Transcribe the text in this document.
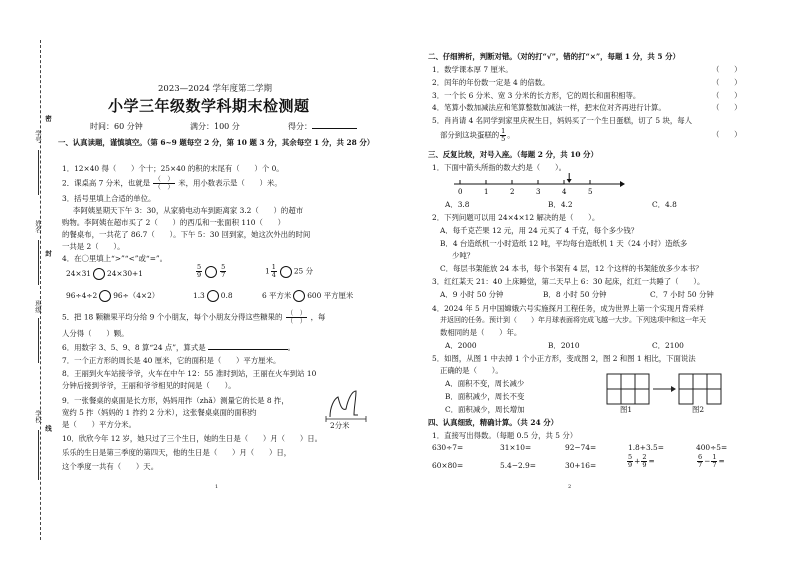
学号
姓名
班级
学校
密
封
线
2023—2024 学年度第二学期
小学三年级数学科期末检测题
时间：60 分钟	满分：100 分	得分：
一、认真读题，谨慎填空。（第 6~9 题每空 2 分，第 10 题 3 分，其余每空 1 分，共 28 分）
1．12×40 得（　　）个十；25×40 的积的末尾有（　　）个 0。
2．课桌高 7 分米，也就是 $\frac{( )}{( )}$ 米，用小数表示是（　　）米。
3．括号里填上合适的单位。
李阿姨星期天下午 3：30，从家骑电动车到距离家 3.2（　　）的超市
购物。李阿姨在超市买了 2（　　）的西瓜和一张面积 110（　　）
的餐桌布，一共花了 86.7（　　）。下午 5：30 回到家，她这次外出的时间
一共是 2（　　）。
4．在〇里填上“>”“<”或“=”。
24×31 24×30+1	$\frac{5}{9}$	$\frac{5}{7}$	$1 \frac{1}{4} 25$ 分
96÷4÷2 96÷（4×2）	1.3 0.8	6 平方米 600 平方厘米
5．把 18 颗糖果平均分给 9 个小朋友，每个小朋友分得这些糖果的 $\frac{( )}{( )}$ ，每
人分得（　　）颗。
6．用数字 3、5、9、8 算“24 点”，算式是	。
7．一个正方形的周长是 40 厘米，它的面积是（　　）平方厘米。
8．王丽到火车站接爷爷，火车在中午 12：55 准时到站，王丽在火车到站 10
分钟后接到爷爷，王丽和爷爷相见的时间是（　　）。
9．一张餐桌的桌面是长方形，妈妈用拃（zhǎ）测量它的长是 8 拃，
宽约 5 拃（妈妈的 1 拃约 2 分米），这张餐桌桌面的面积约
是（　　）平方分米。	2分米
10．欣欣今年 12 岁，她只过了三个生日，她的生日是（　　）月（　　）日。
乐乐的生日是第三季度的第四天，他的生日是（　　）月（　　）日，
这个季度一共有（　　）天。
1
二、仔细辨析，判断对错。（对的打“√”，错的打“×”，每题 1 分，共 5 分）
1．数学课本厚 7 厘米。	（　　）
2．闰年的年份数一定是 4 的倍数。	（　　）
3．一个长 6 分米、宽 3 分米的长方形，它的周长和面积相等。	（　　）
4．笔算小数加减法应和笔算整数加减法一样，把末位对齐再进行计算。	（　　）
5．肖肖请 4 名同学到家里庆祝生日，妈妈买了一个生日蛋糕，切了 5 块，每人
部分到这块蛋糕的 $\frac{1}{5}$ 。	（　　）
三、反复比较，对号入座。（每题 2 分，共 10 分）
1．下面中箭头所指的数大约是（　　）。
0	1	2	3	4	5
A．3.8	B．4.2	C．4.8
2．下列问题可以用 24×4×12 解决的是（　　）。
A．每千克芒果 12 元，用 24 元买了 4 千克，每个多少钱？
B．4 台造纸机一小时造纸 12 吨，平均每台造纸机 1 天（24 小时）造纸多
少吨？
C．每层书架能放 24 本书，每个书架有 4 层，12 个这样的书架能放多少本书？
3．红红某天 21：40 上床睡觉，第二天早上 6：30 起床，红红一共睡了（　　）。
A．9 小时 50 分钟	B．8 小时 50 分钟	C．7 小时 50 分钟
4．2024 年 5 月中国嫦娥六号实施探月工程任务，成为世界上第一个实现月背采样
并返回的任务。预计到（　　）年月球表面将完成飞越一大步。下列选项中和这一年天
数相同的是（　　）年。
A．2000	B．2010	C．2100
5．如图，从图 1 中去掉 1 个小正方形，变成图 2，图 2 和图 1 相比，下面说法
正确的是（　　）。
A．面积不变，周长减少
B．面积减少，周长不变
C．面积减少，周长增加	图1	图2
四、认真细致，精确计算。（共 24 分）
1．直接写出得数。（每题 0.5 分，共 5 分）
630÷7=	31×10=	92−74=	1.8+3.5=	400÷5=
60×80=	5.4−2.9=	30+16=	$\frac{5}{9} + \frac{2}{9}$ =	$\frac{6}{7} - \frac{1}{7}$ =
2
